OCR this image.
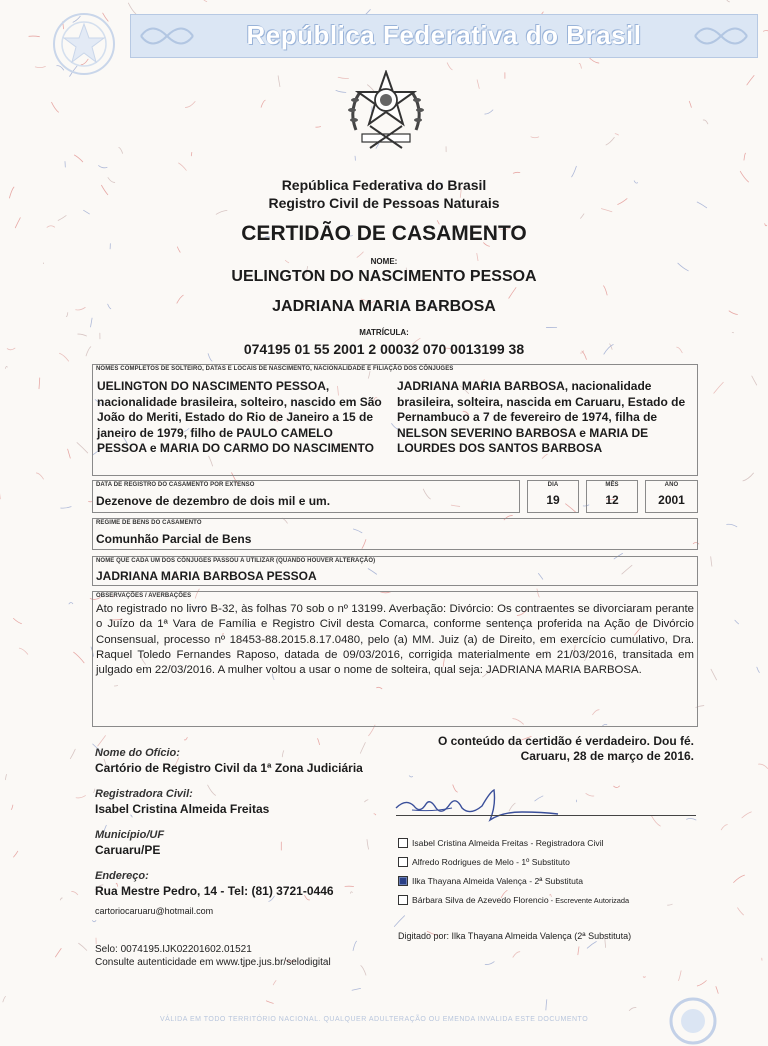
República Federativa do Brasil
República Federativa do Brasil
Registro Civil de Pessoas Naturais
CERTIDÃO DE CASAMENTO
NOME:
UELINGTON DO NASCIMENTO PESSOA
JADRIANA MARIA BARBOSA
MATRÍCULA:
074195 01 55 2001 2 00032 070 0013199 38
NOMES COMPLETOS DE SOLTEIRO, DATAS E LOCAIS DE NASCIMENTO, NACIONALIDADE E FILIAÇÃO DOS CÔNJUGES
UELINGTON DO NASCIMENTO PESSOA, nacionalidade brasileira, solteiro, nascido em São João do Meriti, Estado do Rio de Janeiro a 15 de janeiro de 1979, filho de PAULO CAMELO PESSOA e MARIA DO CARMO DO NASCIMENTO
JADRIANA MARIA BARBOSA, nacionalidade brasileira, solteira, nascida em Caruaru, Estado de Pernambuco a 7 de fevereiro de 1974, filha de NELSON SEVERINO BARBOSA e MARIA DE LOURDES DOS SANTOS BARBOSA
DATA DE REGISTRO DO CASAMENTO POR EXTENSO
Dezenove de dezembro de dois mil e um.
DIA
19
MÊS
12
ANO
2001
REGIME DE BENS DO CASAMENTO
Comunhão Parcial de Bens
NOME QUE CADA UM DOS CÔNJUGES PASSOU A UTILIZAR (QUANDO HOUVER ALTERAÇÃO)
JADRIANA MARIA BARBOSA PESSOA
OBSERVAÇÕES / AVERBAÇÕES
Ato registrado no livro B-32, às folhas 70 sob o nº 13199. Averbação: Divórcio: Os contraentes se divorciaram perante o Juízo da 1ª Vara de Família e Registro Civil desta Comarca, conforme sentença proferida na Ação de Divórcio Consensual, processo nº 18453-88.2015.8.17.0480, pelo (a) MM. Juiz (a) de Direito, em exercício cumulativo, Dra. Raquel Toledo Fernandes Raposo, datada de 09/03/2016, corrigida materialmente em 21/03/2016, transitada em julgado em 22/03/2016. A mulher voltou a usar o nome de solteira, qual seja: JADRIANA MARIA BARBOSA.
O conteúdo da certidão é verdadeiro. Dou fé.
Caruaru, 28 de março de 2016.
Nome do Ofício:
Cartório de Registro Civil da 1ª Zona Judiciária
Registradora Civil:
Isabel Cristina Almeida Freitas
Município/UF
Caruaru/PE
Endereço:
Rua Mestre Pedro, 14 - Tel: (81) 3721-0446
cartoriocaruaru@hotmail.com
Isabel Cristina Almeida Freitas - Registradora Civil
Alfredo Rodrigues de Melo - 1º Substituto
Ilka Thayana Almeida Valença - 2ª Substituta
Bárbara Silva de Azevedo Florencio - Escrevente Autorizada
Digitado por: Ilka Thayana Almeida Valença (2ª Substituta)
Selo: 0074195.IJK02201602.01521
Consulte autenticidade em www.tjpe.jus.br/selodigital
VÁLIDA EM TODO TERRITÓRIO NACIONAL. QUALQUER ADULTERAÇÃO OU EMENDA INVALIDA ESTE DOCUMENTO
